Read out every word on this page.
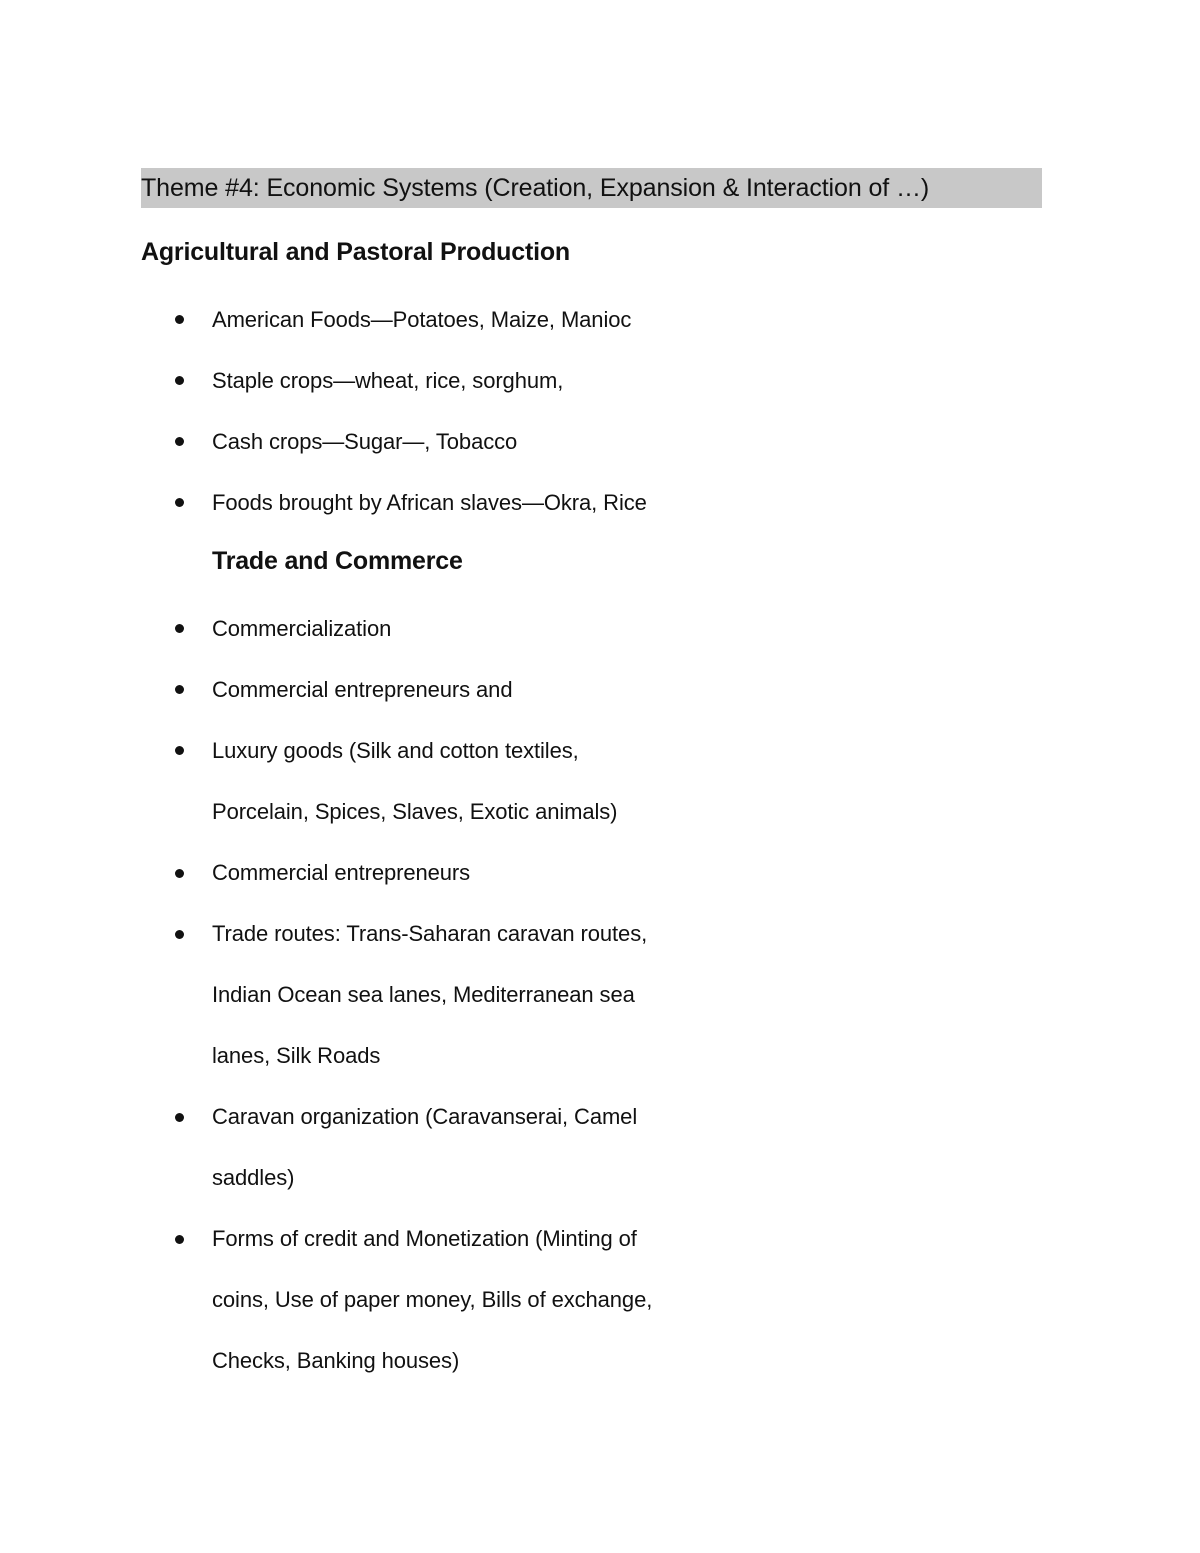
Theme #4: Economic Systems (Creation, Expansion & Interaction of …)
Agricultural and Pastoral Production
American Foods—Potatoes, Maize, Manioc
Staple crops—wheat, rice, sorghum,
Cash crops—Sugar—, Tobacco
Foods brought by African slaves—Okra, Rice
Trade and Commerce
Commercialization
Commercial entrepreneurs and
Luxury goods (Silk and cotton textiles,
Porcelain, Spices, Slaves, Exotic animals)
Commercial entrepreneurs
Trade routes: Trans-Saharan caravan routes,
Indian Ocean sea lanes, Mediterranean sea
lanes, Silk Roads
Caravan organization (Caravanserai, Camel
saddles)
Forms of credit and Monetization (Minting of
coins, Use of paper money, Bills of exchange,
Checks, Banking houses)
